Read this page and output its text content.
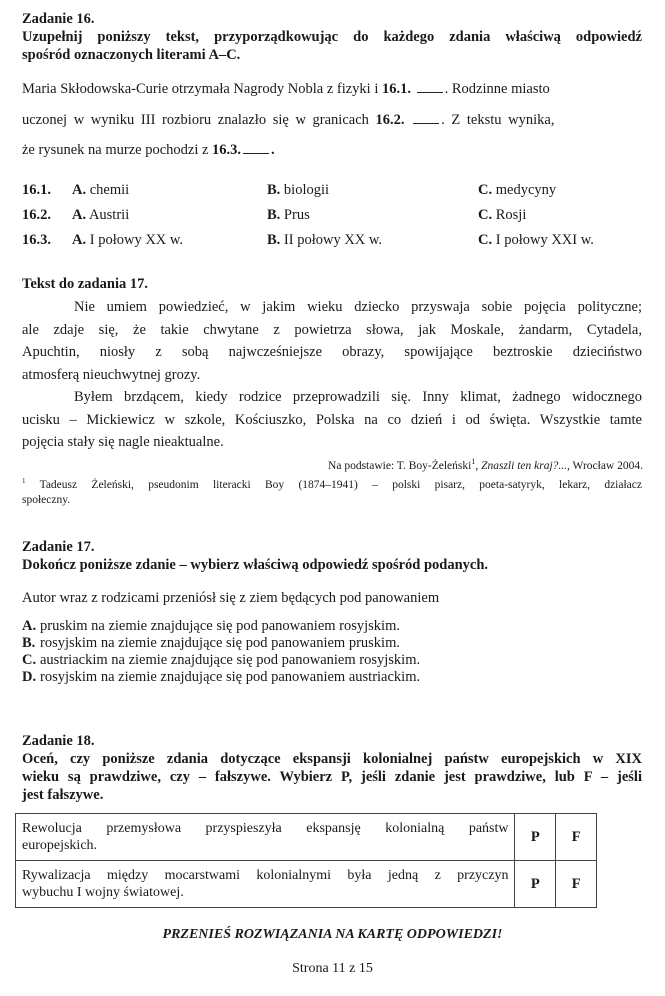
Zadanie 16.
Uzupełnij poniższy tekst, przyporządkowując do każdego zdania właściwą odpowiedź
spośród oznaczonych literami A–C.
Maria Skłodowska-Curie otrzymała Nagrody Nobla z fizyki i 16.1. . Rodzinne miasto
uczonej w wyniku III rozbioru znalazło się w granicach 16.2.	. Z tekstu wynika,
że rysunek na murze pochodzi z 16.3. .
16.1. A. chemii	B. biologii	C. medycyny
16.2. A. Austrii	B. Prus	C. Rosji
16.3. A. I połowy XX w.	B. II połowy XX w.	C. I połowy XXI w.
Tekst do zadania 17.
Nie umiem powiedzieć, w jakim wieku dziecko przyswaja sobie pojęcia polityczne;
ale zdaje się, że takie chwytane z powietrza słowa, jak Moskale, żandarm, Cytadela,
Apuchtin, niosły z sobą najwcześniejsze obrazy, spowijające beztroskie dzieciństwo
atmosferą nieuchwytnej grozy.
Byłem brzdącem, kiedy rodzice przeprowadzili się. Inny klimat, żadnego widocznego
ucisku – Mickiewicz w szkole, Kościuszko, Polska na co dzień i od święta. Wszystkie tamte
pojęcia stały się nagle nieaktualne.
Na podstawie: T. Boy-Żeleński$^1$, Znaszli ten kraj?..., Wrocław 2004.
$^1$ Tadeusz Żeleński, pseudonim literacki Boy (1874–1941) – polski pisarz, poeta-satyryk, lekarz, działacz
społeczny.
Zadanie 17.
Dokończ poniższe zdanie – wybierz właściwą odpowiedź spośród podanych.
Autor wraz z rodzicami przeniósł się z ziem będących pod panowaniem
A. pruskim na ziemie znajdujące się pod panowaniem rosyjskim.
B. rosyjskim na ziemie znajdujące się pod panowaniem pruskim.
C. austriackim na ziemie znajdujące się pod panowaniem rosyjskim.
D. rosyjskim na ziemie znajdujące się pod panowaniem austriackim.
Zadanie 18.
Oceń, czy poniższe zdania dotyczące ekspansji kolonialnej państw europejskich w XIX
wieku są prawdziwe, czy – fałszywe. Wybierz P, jeśli zdanie jest prawdziwe, lub F – jeśli
jest fałszywe.
Rewolucja przemysłowa przyspieszyła ekspansję kolonialną państw
europejskich.	P	F

Rywalizacja między mocarstwami kolonialnymi była jedną z przyczyn
wybuchu I wojny światowej.	P	F
PRZENIEŚ ROZWIĄZANIA NA KARTĘ ODPOWIEDZI!
Strona 11 z 15
